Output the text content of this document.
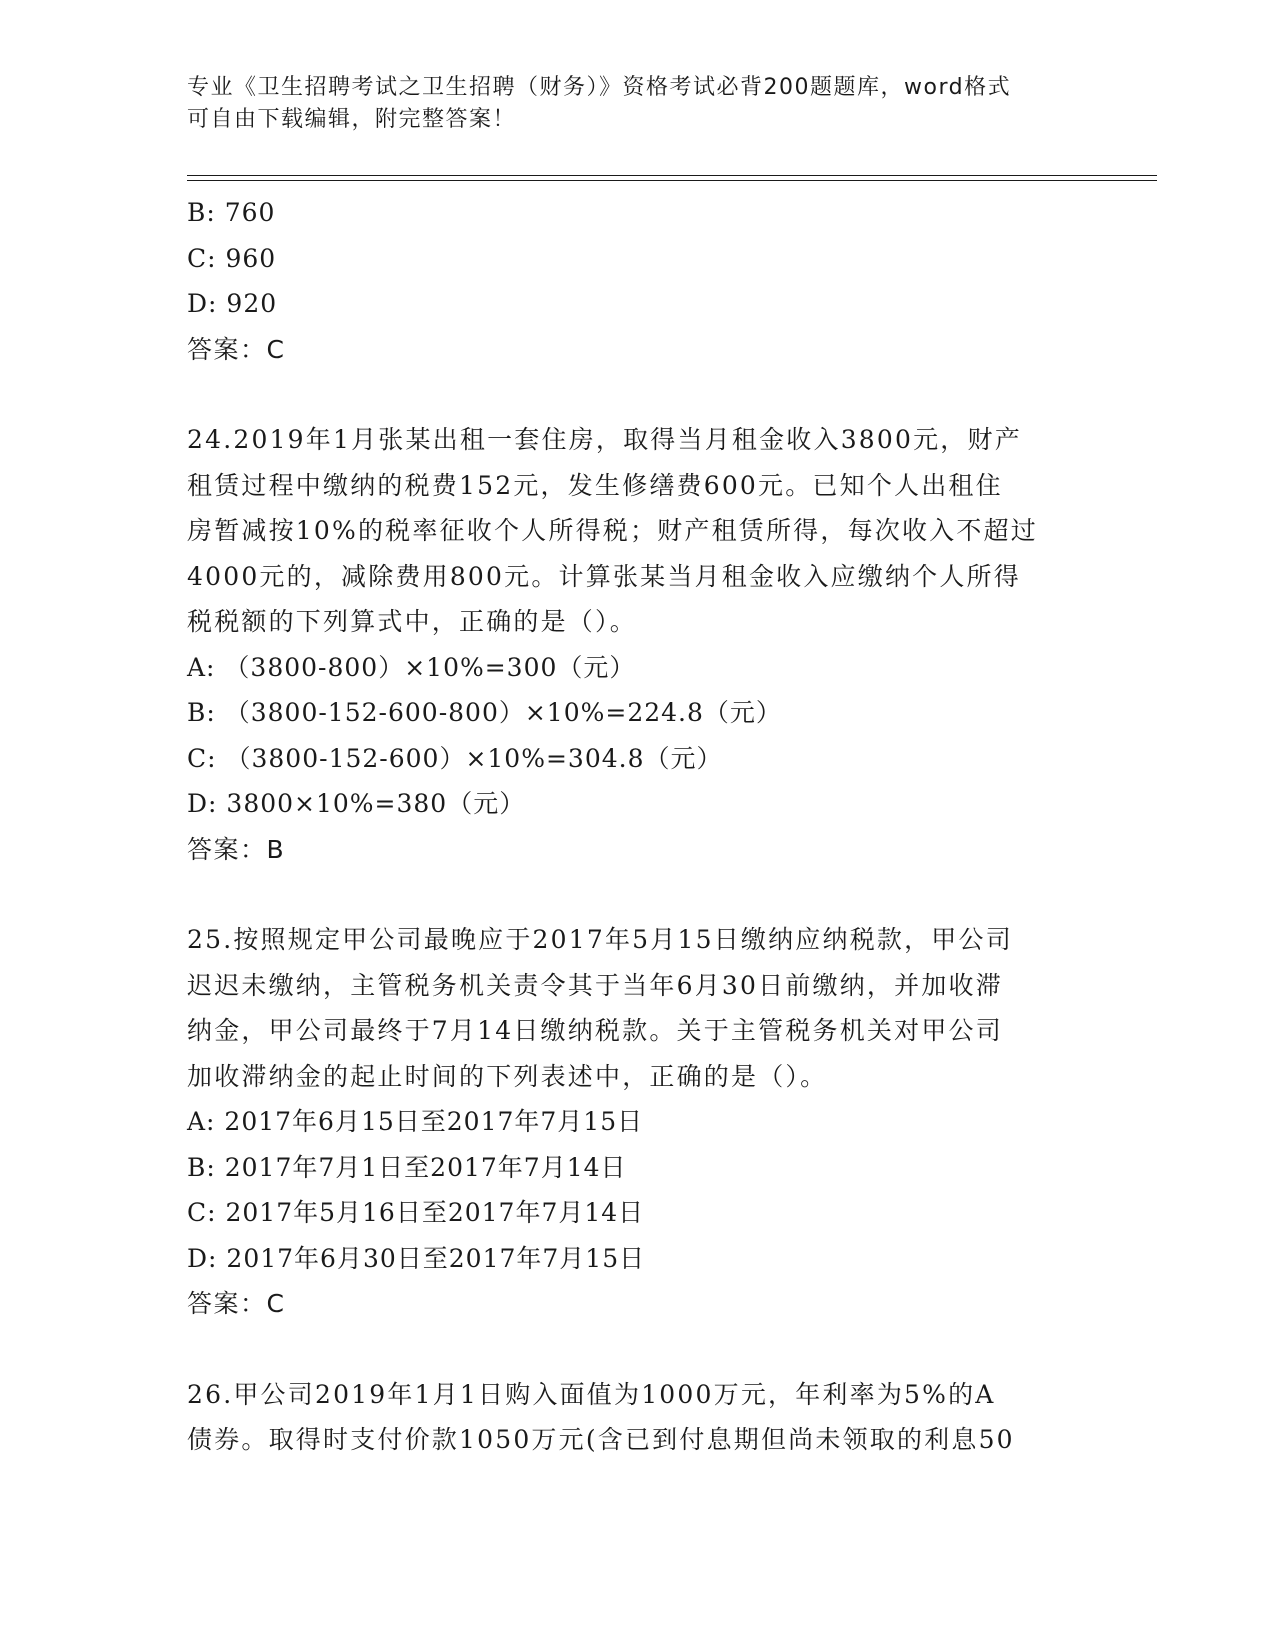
专业《卫生招聘考试之卫生招聘（财务）》资格考试必背200题题库，word格式
可自由下载编辑，附完整答案！
B: 760
C: 960
D: 920
答案：C
24.2019年1月张某出租一套住房，取得当月租金收入3800元，财产
租赁过程中缴纳的税费152元，发生修缮费600元。已知个人出租住
房暂减按10%的税率征收个人所得税；财产租赁所得，每次收入不超过
4000元的，减除费用800元。计算张某当月租金收入应缴纳个人所得
税税额的下列算式中，正确的是（）。
A: （3800-800）×10%=300（元）
B: （3800-152-600-800）×10%=224.8（元）
C: （3800-152-600）×10%=304.8（元）
D: 3800×10%=380（元）
答案：B
25.按照规定甲公司最晚应于2017年5月15日缴纳应纳税款，甲公司
迟迟未缴纳，主管税务机关责令其于当年6月30日前缴纳，并加收滞
纳金，甲公司最终于7月14日缴纳税款。关于主管税务机关对甲公司
加收滞纳金的起止时间的下列表述中，正确的是（）。
A: 2017年6月15日至2017年7月15日
B: 2017年7月1日至2017年7月14日
C: 2017年5月16日至2017年7月14日
D: 2017年6月30日至2017年7月15日
答案：C
26.甲公司2019年1月1日购入面值为1000万元，年利率为5%的A
债券。取得时支付价款1050万元(含已到付息期但尚未领取的利息50
